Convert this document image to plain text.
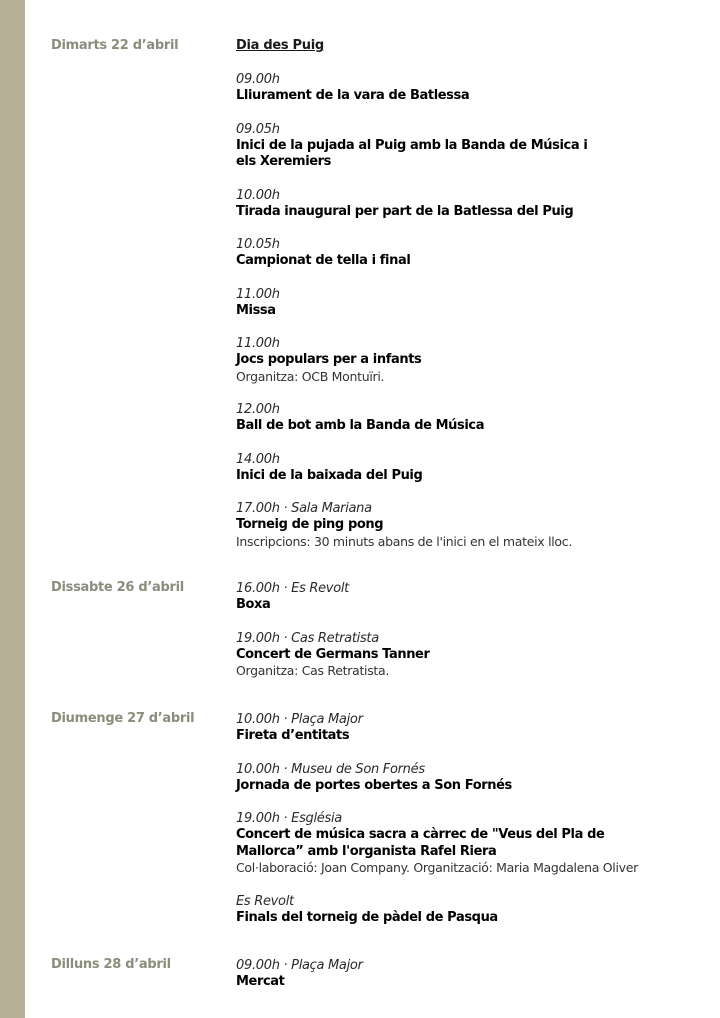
Dimarts 22 d’abril	Dia des Puig
09.00h
Lliurament de la vara de Batlessa
09.05h
Inici de la pujada al Puig amb la Banda de Música i els Xeremiers
10.00h
Tirada inaugural per part de la Batlessa del Puig
10.05h
Campionat de tella i final
11.00h
Missa
11.00h
Jocs populars per a infants
Organitza: OCB Montuïri.
12.00h
Ball de bot amb la Banda de Música
14.00h
Inici de la baixada del Puig
17.00h · Sala Mariana
Torneig de ping pong
Inscripcions: 30 minuts abans de l'inici en el mateix lloc.
Dissabte 26 d’abril	16.00h · Es Revolt
Boxa
19.00h · Cas Retratista
Concert de Germans Tanner
Organitza: Cas Retratista.
Diumenge 27 d’abril	10.00h · Plaça Major
Fireta d’entitats
10.00h · Museu de Son Fornés
Jornada de portes obertes a Son Fornés
19.00h · Església
Concert de música sacra a càrrec de "Veus del Pla de Mallorca” amb l'organista Rafel Riera
Col·laboració: Joan Company. Organització: Maria Magdalena Oliver
Es Revolt
Finals del torneig de pàdel de Pasqua
Dilluns 28 d’abril	09.00h · Plaça Major
Mercat
